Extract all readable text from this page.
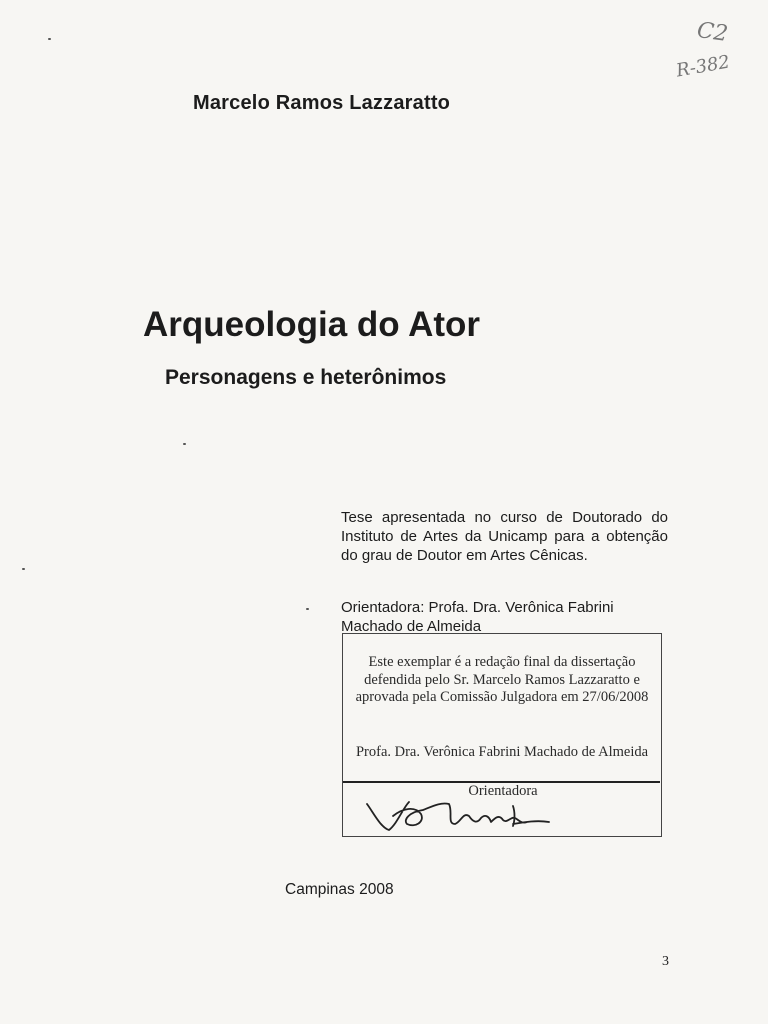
C2
R-382
Marcelo Ramos Lazzaratto
Arqueologia do Ator
Personagens e heterônimos
Tese apresentada no curso de Doutorado do Instituto de Artes da Unicamp para a obtenção do grau de Doutor em Artes Cênicas.
Orientadora: Profa. Dra. Verônica Fabrini
Machado de Almeida
Este exemplar é a redação final da dissertação defendida pelo Sr. Marcelo Ramos Lazzaratto e aprovada pela Comissão Julgadora em 27/06/2008
Profa. Dra. Verônica Fabrini Machado de Almeida
Orientadora
Campinas 2008
3
